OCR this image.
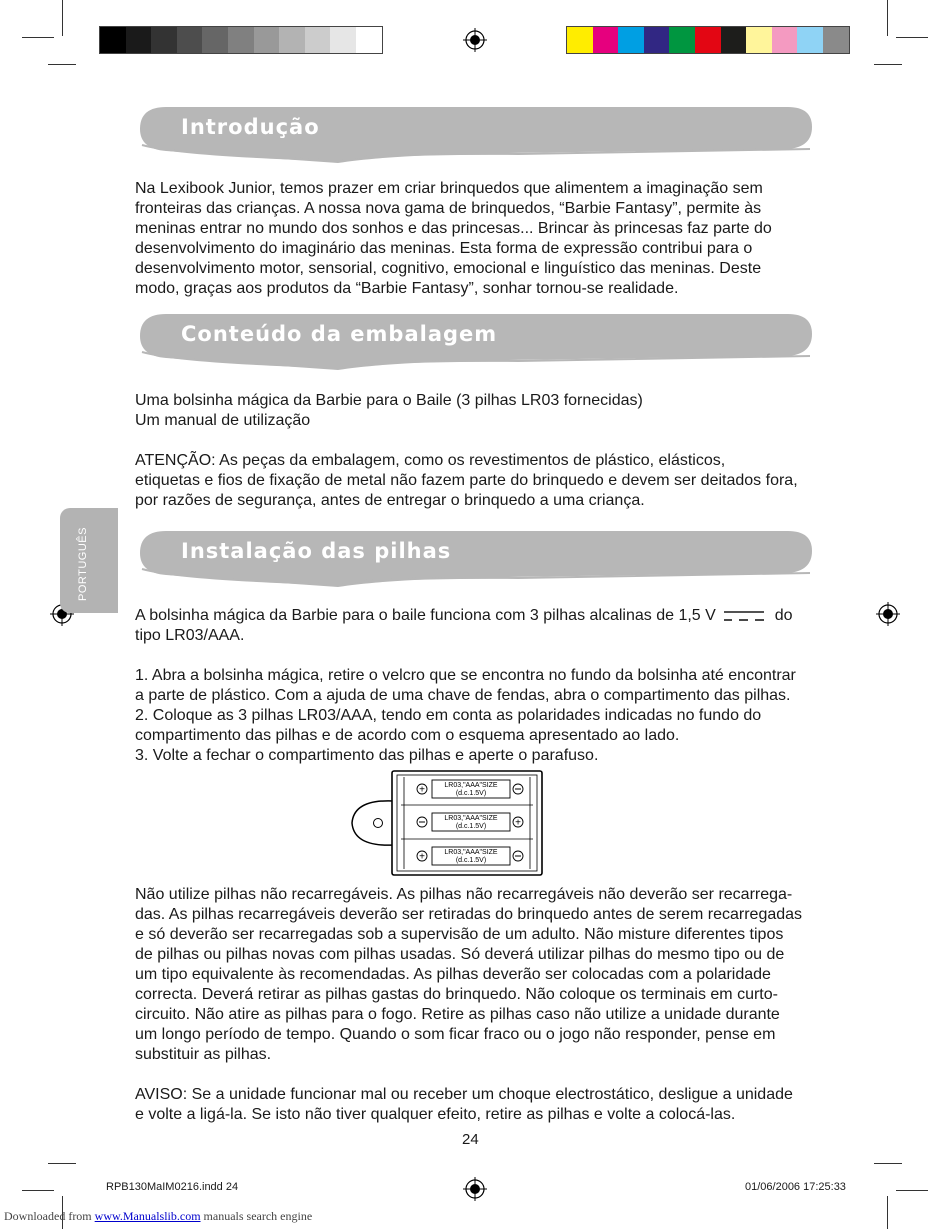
PORTUGUÊS
Introdução
Na Lexibook Junior, temos prazer em criar brinquedos que alimentem a imaginação sem
fronteiras das crianças. A nossa nova gama de brinquedos, “Barbie Fantasy”, permite às
meninas entrar no mundo dos sonhos e das princesas... Brincar às princesas faz parte do
desenvolvimento do imaginário das meninas. Esta forma de expressão contribui para o
desenvolvimento motor, sensorial, cognitivo, emocional e linguístico das meninas. Deste
modo, graças aos produtos da “Barbie Fantasy”, sonhar tornou-se realidade.
Conteúdo da embalagem
Uma bolsinha mágica da Barbie para o Baile (3 pilhas LR03 fornecidas)
Um manual de utilização
ATENÇÃO: As peças da embalagem, como os revestimentos de plástico, elásticos,
etiquetas e fios de fixação de metal não fazem parte do brinquedo e devem ser deitados fora,
por razões de segurança, antes de entregar o brinquedo a uma criança.
Instalação das pilhas
A bolsinha mágica da Barbie para o baile funciona com 3 pilhas alcalinas de 1,5 V	do
tipo LR03/AAA.
1. Abra a bolsinha mágica, retire o velcro que se encontra no fundo da bolsinha até encontrar
a parte de plástico. Com a ajuda de uma chave de fendas, abra o compartimento das pilhas.
2. Coloque as 3 pilhas LR03/AAA, tendo em conta as polaridades indicadas no fundo do
compartimento das pilhas e de acordo com o esquema apresentado ao lado.
3. Volte a fechar o compartimento das pilhas e aperte o parafuso.
+	LR03,"AAA"SIZE
(d.c.1.5V)
LR03,"AAA"SIZE
(d.c.1.5V)	+
+	LR03,"AAA"SIZE
(d.c.1.5V)
Não utilize pilhas não recarregáveis. As pilhas não recarregáveis não deverão ser recarrega-
das. As pilhas recarregáveis deverão ser retiradas do brinquedo antes de serem recarregadas
e só deverão ser recarregadas sob a supervisão de um adulto. Não misture diferentes tipos
de pilhas ou pilhas novas com pilhas usadas. Só deverá utilizar pilhas do mesmo tipo ou de
um tipo equivalente às recomendadas. As pilhas deverão ser colocadas com a polaridade
correcta. Deverá retirar as pilhas gastas do brinquedo. Não coloque os terminais em curto-
circuito. Não atire as pilhas para o fogo. Retire as pilhas caso não utilize a unidade durante
um longo período de tempo. Quando o som ficar fraco ou o jogo não responder, pense em
substituir as pilhas.
AVISO: Se a unidade funcionar mal ou receber um choque electrostático, desligue a unidade
e volte a ligá-la. Se isto não tiver qualquer efeito, retire as pilhas e volte a colocá-las.
24
RPB130MaIM0216.indd 24	01/06/2006 17:25:33
Downloaded from www.Manualslib.com manuals search engine
